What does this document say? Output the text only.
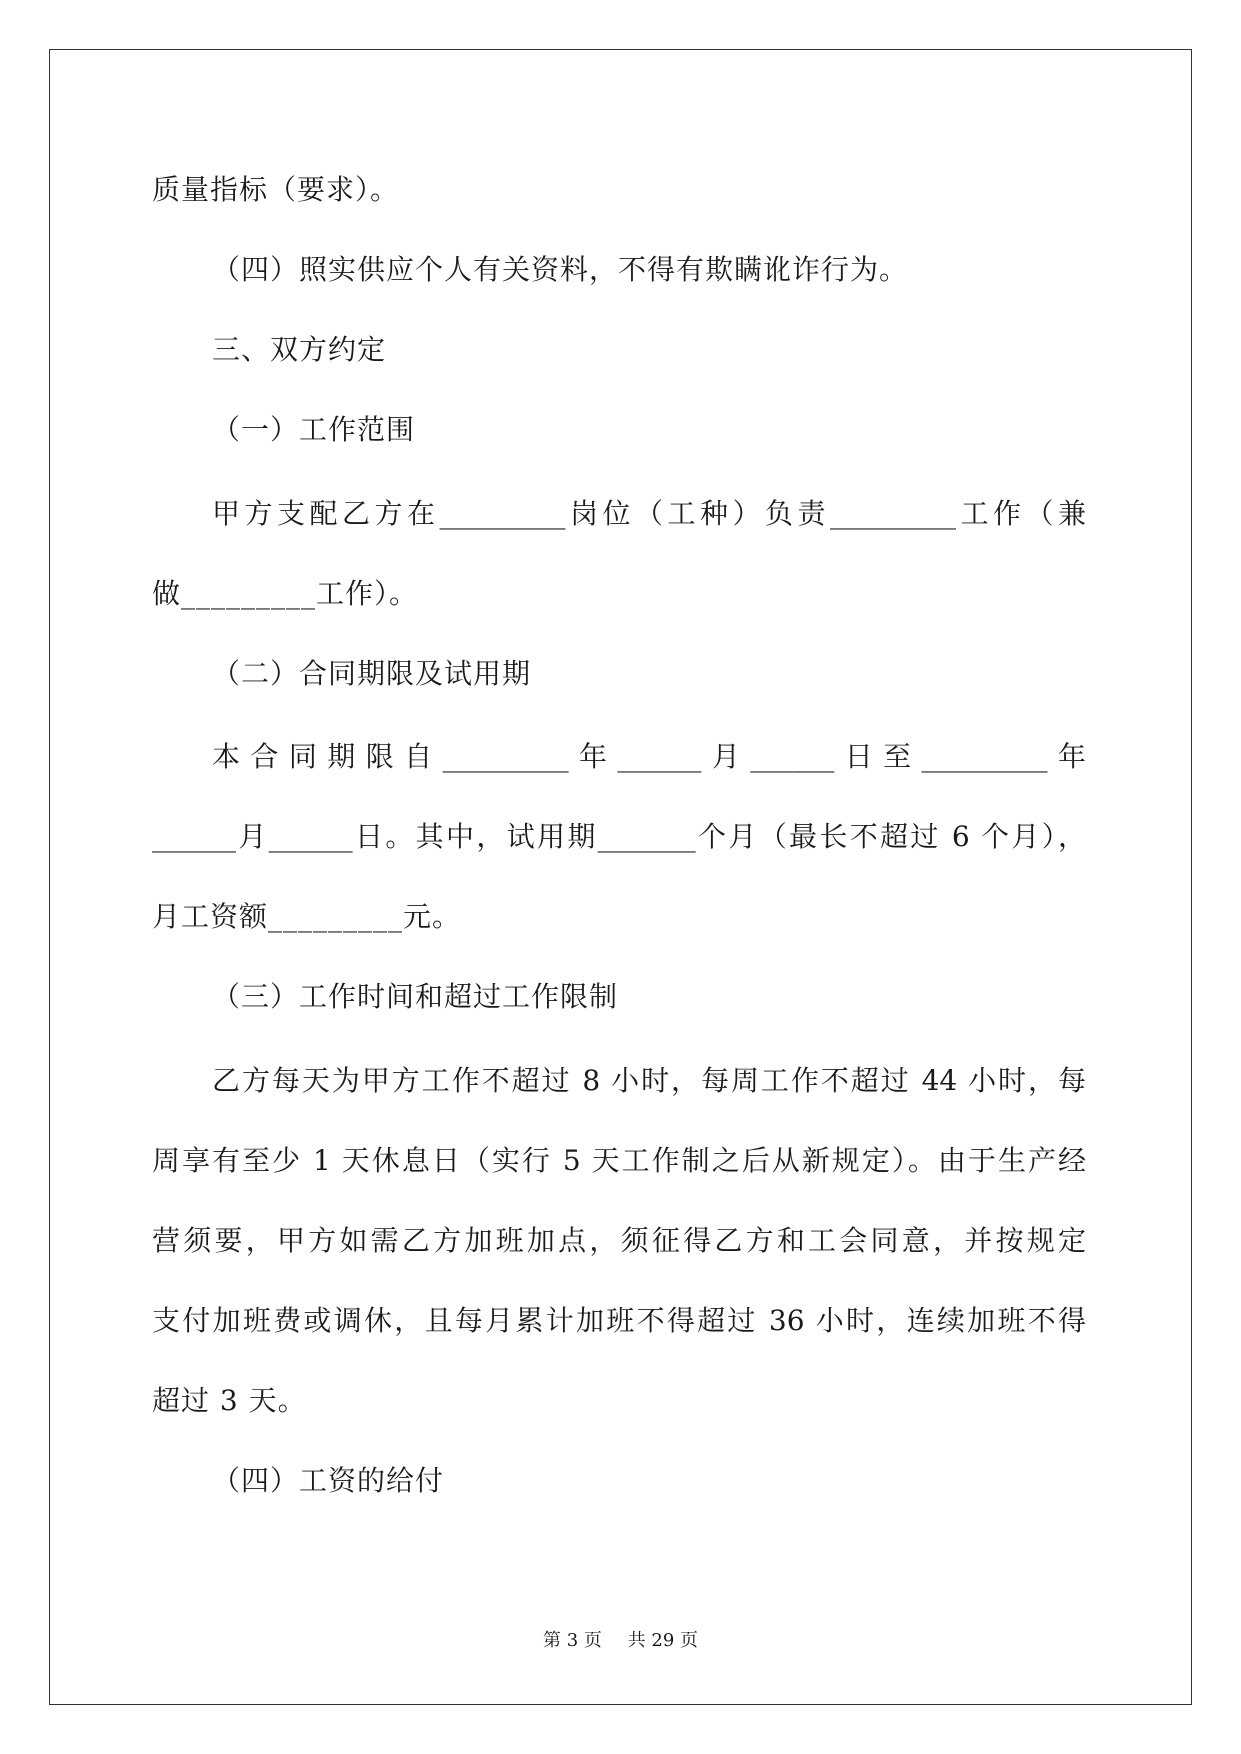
质量指标（要求）。
（四）照实供应个人有关资料，不得有欺瞒讹诈行为。
三、双方约定
（一）工作范围
甲方支配乙方在_________岗位（工种）负责_________工作（兼
做_________工作）。
（二）合同期限及试用期
本合同期限自_________年______月______日至_________年
______月______日。其中，试用期_______个月（最长不超过 6 个月），
月工资额_________元。
（三）工作时间和超过工作限制
乙方每天为甲方工作不超过 8 小时，每周工作不超过 44 小时，每
周享有至少 1 天休息日（实行 5 天工作制之后从新规定）。由于生产经
营须要，甲方如需乙方加班加点，须征得乙方和工会同意，并按规定
支付加班费或调休，且每月累计加班不得超过 36 小时，连续加班不得
超过 3 天。
（四）工资的给付
第 3 页 共 29 页
